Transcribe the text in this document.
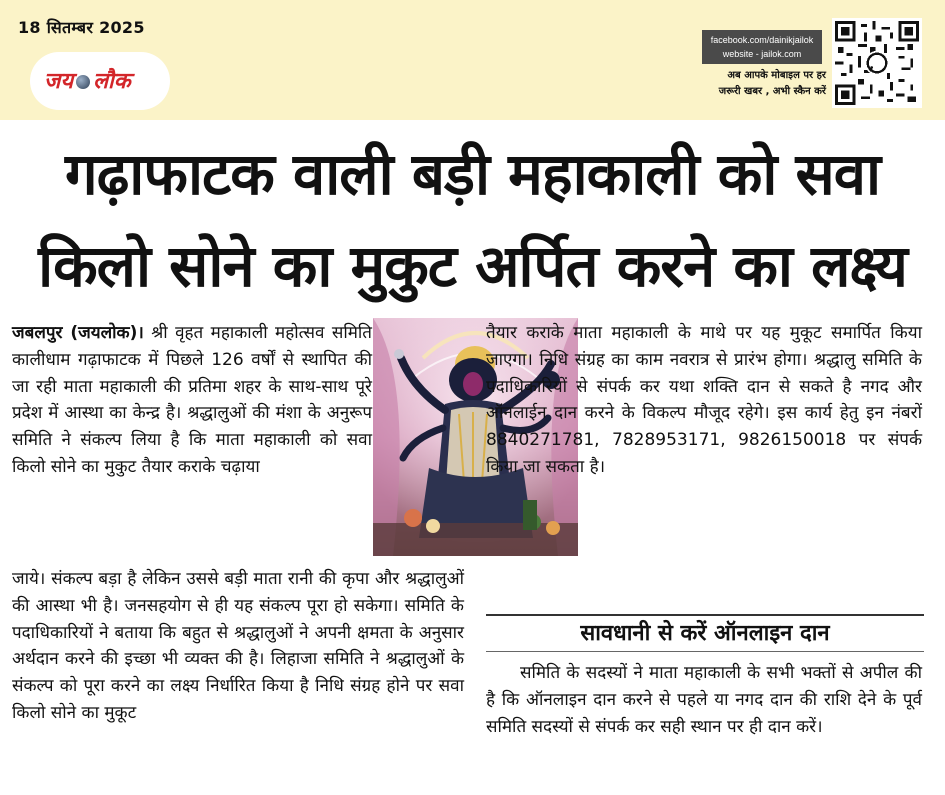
18 सितम्बर 2025
जय लौक
facebook.com/dainikjailok
website - jailok.com
अब आपके मोबाइल पर हर
जरूरी खबर , अभी स्कैन करें
गढ़ाफाटक वाली बड़ी महाकाली को सवा
किलो सोने का मुकुट अर्पित करने का लक्ष्य
जबलपुर (जयलोक)। श्री वृहत महाकाली महोत्सव समिति कालीधाम गढ़ाफाटक में पिछले 126 वर्षों से स्थापित की जा रही माता महाकाली की प्रतिमा शहर के साथ-साथ पूरे प्रदेश में आस्था का केन्द्र है। श्रद्धालुओं की मंशा के अनुरूप समिति ने संकल्प लिया है कि माता महाकाली को सवा किलो सोने का मुकुट तैयार कराके चढ़ाया
जाये। संकल्प बड़ा है लेकिन उससे बड़ी माता रानी की कृपा और श्रद्धालुओं की आस्था भी है। जनसहयोग से ही यह संकल्प पूरा हो सकेगा। समिति के पदाधिकारियों ने बताया कि बहुत से श्रद्धालुओं ने अपनी क्षमता के अनुसार अर्थदान करने की इच्छा भी व्यक्त की है। लिहाजा समिति ने श्रद्धालुओं के संकल्प को पूरा करने का लक्ष्य निर्धारित किया है निधि संग्रह होने पर सवा किलो सोने का मुकूट
तैयार कराके माता महाकाली के माथे पर यह मुकूट समार्पित किया जाएगा। निधि संग्रह का काम नवरात्र से प्रारंभ होगा। श्रद्धालु समिति के पदाधिकारियों से संपर्क कर यथा शक्ति दान से सकते है नगद और ऑनलाईन दान करने के विकल्प मौजूद रहेगे। इस कार्य हेतु इन नंबरों 8840271781, 7828953171, 9826150018 पर संपर्क किया जा सकता है।
सावधानी से करें ऑनलाइन दान
समिति के सदस्यों ने माता महाकाली के सभी भक्तों से अपील की है कि ऑनलाइन दान करने से पहले या नगद दान की राशि देने के पूर्व समिति सदस्यों से संपर्क कर सही स्थान पर ही दान करें।
